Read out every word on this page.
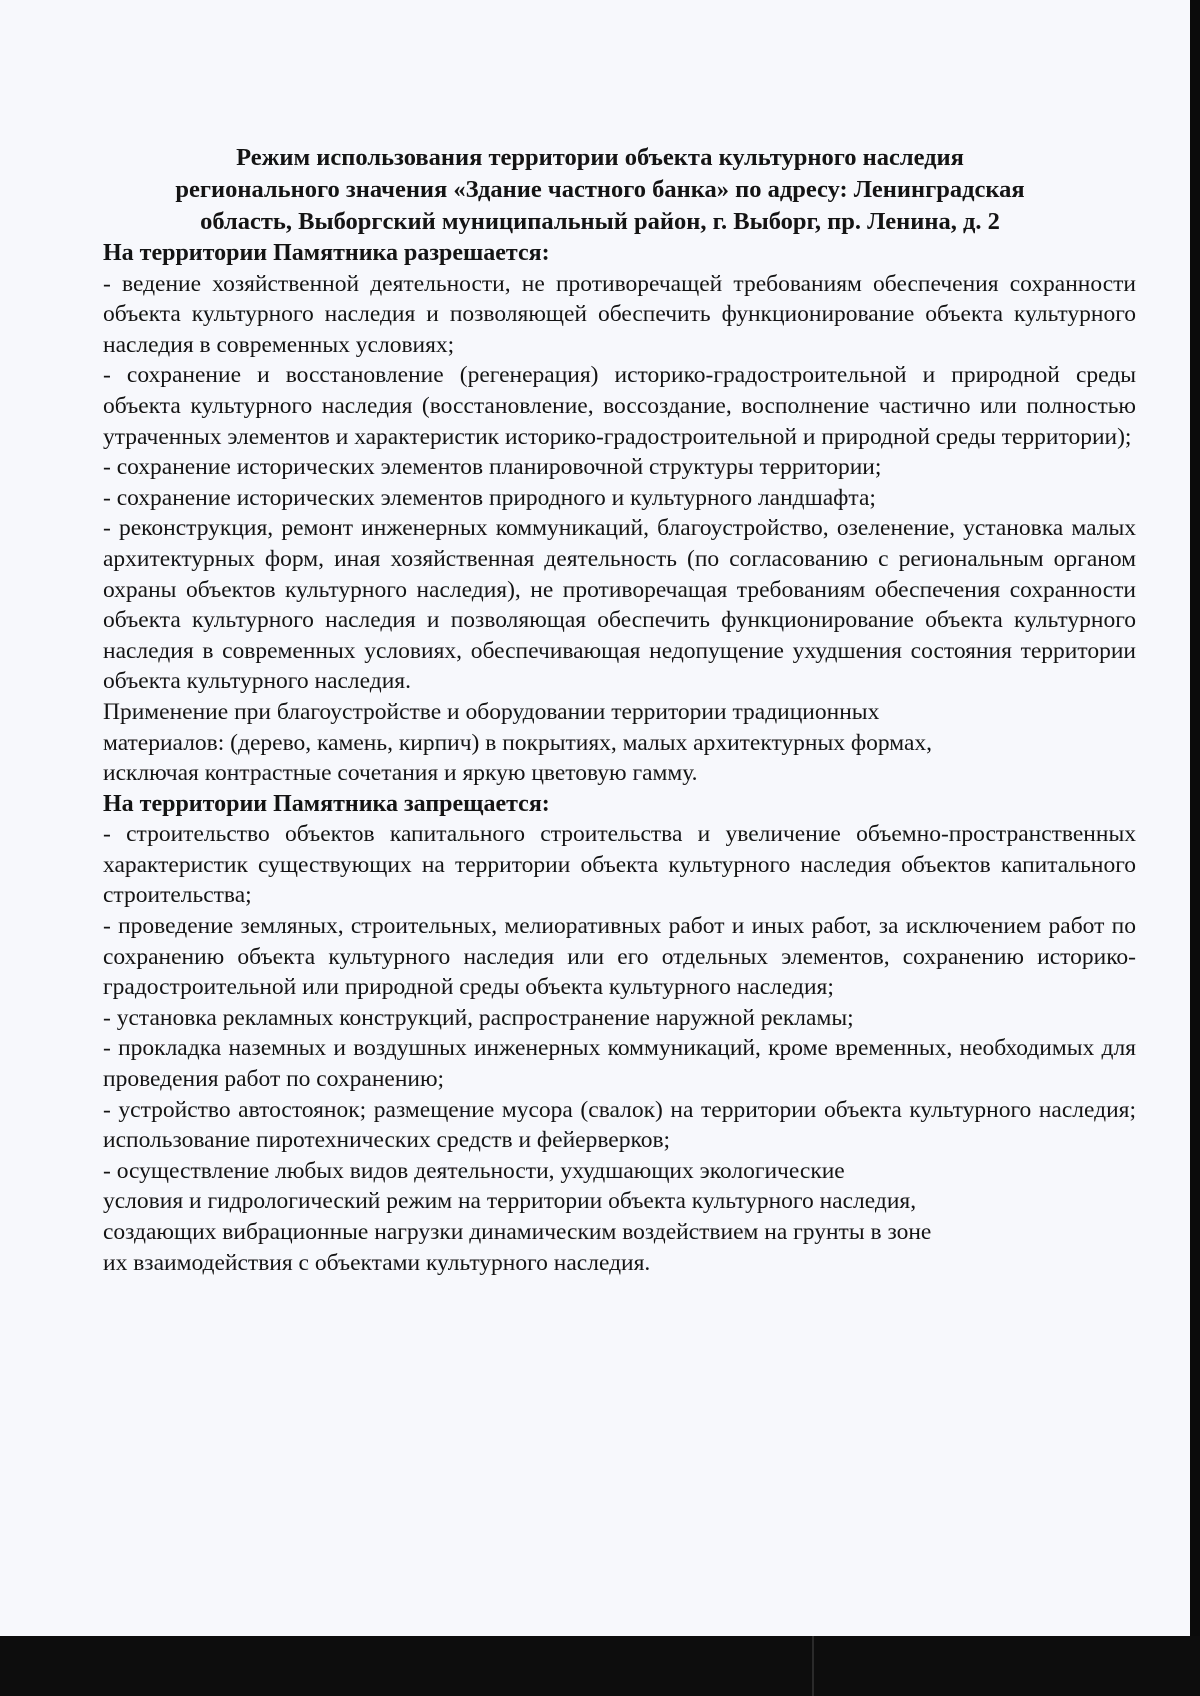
Режим использования территории объекта культурного наследия
регионального значения «Здание частного банка» по адресу: Ленинградская
область, Выборгский муниципальный район, г. Выборг, пр. Ленина, д. 2
На территории Памятника разрешается:

- ведение хозяйственной деятельности, не противоречащей требованиям обеспечения сохранности объекта культурного наследия и позволяющей обеспечить функционирование объекта культурного наследия в современных условиях;

- сохранение и восстановление (регенерация) историко-градостроительной и природной среды объекта культурного наследия (восстановление, воссоздание, восполнение частично или полностью утраченных элементов и характеристик историко-градостроительной и природной среды территории);

- сохранение исторических элементов планировочной структуры территории;

- сохранение исторических элементов природного и культурного ландшафта;

- реконструкция, ремонт инженерных коммуникаций, благоустройство, озеленение, установка малых архитектурных форм, иная хозяйственная деятельность (по согласованию с региональным органом охраны объектов культурного наследия), не противоречащая требованиям обеспечения сохранности объекта культурного наследия и позволяющая обеспечить функционирование объекта культурного наследия в современных условиях, обеспечивающая недопущение ухудшения состояния территории объекта культурного наследия.

Применение при благоустройстве и оборудовании территории традиционных
материалов: (дерево, камень, кирпич) в покрытиях, малых архитектурных формах,
исключая контрастные сочетания и яркую цветовую гамму.

На территории Памятника запрещается:

- строительство объектов капитального строительства и увеличение объемно-пространственных характеристик существующих на территории объекта культурного наследия объектов капитального строительства;

- проведение земляных, строительных, мелиоративных работ и иных работ, за исключением работ по сохранению объекта культурного наследия или его отдельных элементов, сохранению историко-градостроительной или природной среды объекта культурного наследия;

- установка рекламных конструкций, распространение наружной рекламы;

- прокладка наземных и воздушных инженерных коммуникаций, кроме временных, необходимых для проведения работ по сохранению;

- устройство автостоянок; размещение мусора (свалок) на территории объекта культурного наследия; использование пиротехнических средств и фейерверков;

- осуществление любых видов деятельности, ухудшающих экологические
условия и гидрологический режим на территории объекта культурного наследия,
создающих вибрационные нагрузки динамическим воздействием на грунты в зоне
их взаимодействия с объектами культурного наследия.
